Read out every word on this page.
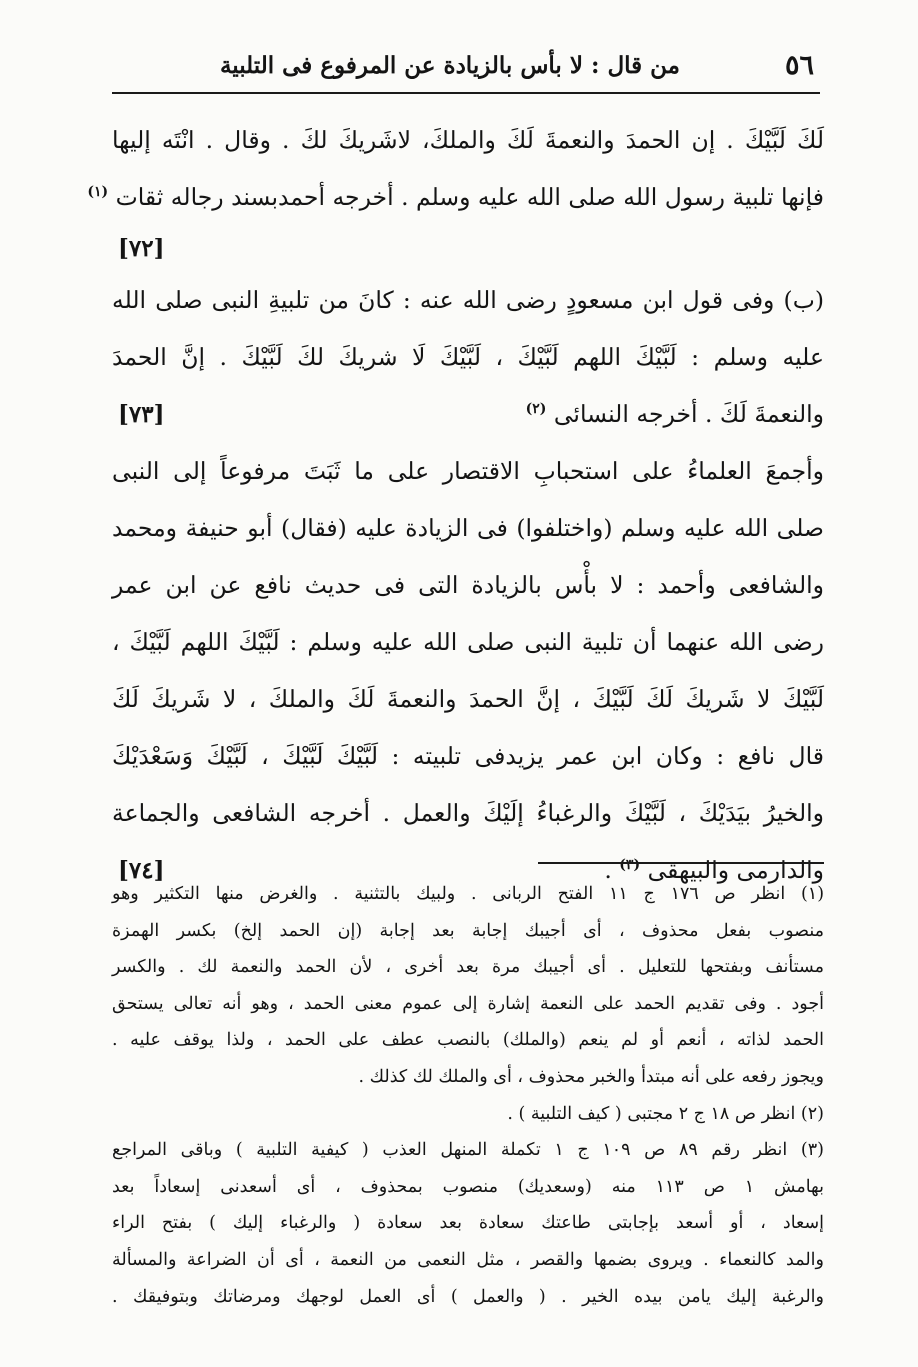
٥٦
من قال : لا بأس بالزيادة عن المرفوع فى التلبية
لَكَ لَبَّيْكَ . إن الحمدَ والنعمةَ لَكَ والملكَ، لاشَريكَ لكَ . وقال . انْتَه إليها
فإنها تلبية رسول الله صلى الله عليه وسلم . أخرجه أحمدبسند رجاله ثقات $^{(١)}$
[٧٢]
(ب) وفى قول ابن مسعودٍ رضى الله عنه : كانَ من تلبيةِ النبى صلى الله
عليه وسلم : لَبَّيْكَ اللهم لَبَّيْكَ ، لَبَّيْكَ لَا شريكَ لكَ لَبَّيْكَ . إنَّ الحمدَ
والنعمةَ لَكَ . أخرجه النسائى $^{(٢)}$
[٧٣]
وأجمعَ العلماءُ على استحبابِ الاقتصار على ما ثَبَتَ مرفوعاً إلى النبى
صلى الله عليه وسلم (واختلفوا) فى الزيادة عليه (فقال) أبو حنيفة ومحمد
والشافعى وأحمد : لا بأْس بالزيادة التى فى حديث نافع عن ابن عمر
رضى الله عنهما أن تلبية النبى صلى الله عليه وسلم : لَبَّيْكَ اللهم لَبَّيْكَ ،
لَبَّيْكَ لا شَريكَ لَكَ لَبَّيْكَ ، إنَّ الحمدَ والنعمةَ لَكَ والملكَ ، لا شَريكَ لَكَ
قال نافع : وكان ابن عمر يزيدفى تلبيته : لَبَّيْكَ لَبَّيْكَ ، لَبَّيْكَ وَسَعْدَيْكَ
والخيرُ بيَدَيْكَ ، لَبَّيْكَ والرغباءُ إلَيْكَ والعمل . أخرجه الشافعى والجماعة
والدارمى والبيهقى $^{(٣)}$ .
[٧٤]
(١) انظر ص ١٧٦ ج ١١ الفتح الربانى . ولبيك بالتثنية . والغرض منها التكثير وهو
منصوب بفعل محذوف ، أى أجيبك إجابة بعد إجابة (إن الحمد إلخ) بكسر الهمزة
مستأنف وبفتحها للتعليل . أى أجيبك مرة بعد أخرى ، لأن الحمد والنعمة لك . والكسر
أجود . وفى تقديم الحمد على النعمة إشارة إلى عموم معنى الحمد ، وهو أنه تعالى يستحق
الحمد لذاته ، أنعم أو لم ينعم (والملك) بالنصب عطف على الحمد ، ولذا يوقف عليه .
ويجوز رفعه على أنه مبتدأ والخبر محذوف ، أى والملك لك كذلك .
(٢) انظر ص ١٨ ج ٢ مجتبى ( كيف التلبية ) .
(٣) انظر رقم ٨٩ ص ١٠٩ ج ١ تكملة المنهل العذب ( كيفية التلبية ) وباقى المراجع
بهامش ١ ص ١١٣ منه (وسعديك) منصوب بمحذوف ، أى أسعدنى إسعاداً بعد
إسعاد ، أو أسعد بإجابتى طاعتك سعادة بعد سعادة ( والرغباء إليك ) بفتح الراء
والمد كالنعماء . ويروى بضمها والقصر ، مثل النعمى من النعمة ، أى أن الضراعة والمسألة
والرغبة إليك يامن بيده الخير . ( والعمل ) أى العمل لوجهك ومرضاتك وبتوفيقك .
